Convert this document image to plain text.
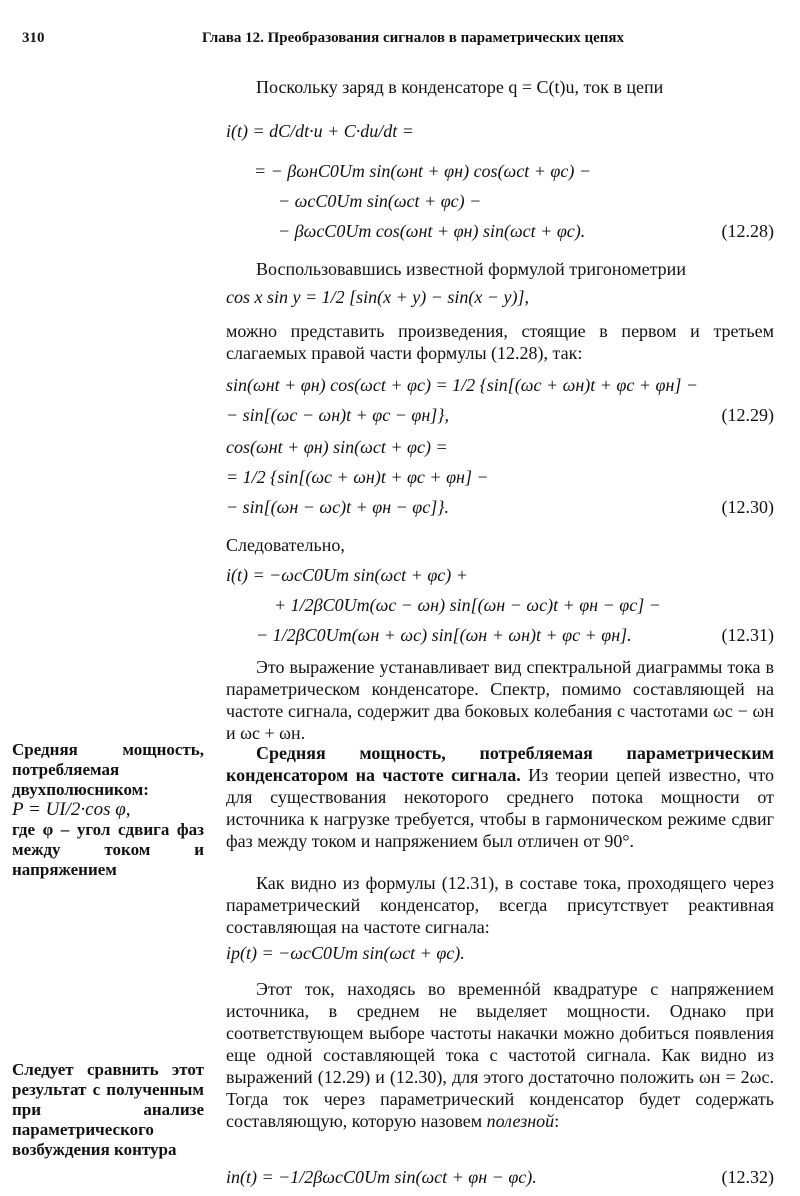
310	Глава 12. Преобразования сигналов в параметрических цепях
Поскольку заряд в конденсаторе q = C(t)u, ток в цепи
i(t) = dC/dt·u + C·du/dt =
= − βωнC0Um sin(ωнt + φн) cos(ωсt + φс) −
− ωсC0Um sin(ωсt + φс) −
− βωсC0Um cos(ωнt + φн) sin(ωсt + φс).	(12.28)
Воспользовавшись известной формулой тригонометрии
cos x sin y = 1/2 [sin(x + y) − sin(x − y)],
можно представить произведения, стоящие в первом и третьем слагаемых правой части формулы (12.28), так:
sin(ωнt + φн) cos(ωсt + φс) = 1/2 {sin[(ωс + ωн)t + φс + φн] −
− sin[(ωс − ωн)t + φс − φн]},	(12.29)
cos(ωнt + φн) sin(ωсt + φс) =
= 1/2 {sin[(ωс + ωн)t + φс + φн] −
− sin[(ωн − ωс)t + φн − φс]}.	(12.30)
Следовательно,
i(t) = −ωсC0Um sin(ωсt + φс) +
+ 1/2βC0Um(ωс − ωн) sin[(ωн − ωс)t + φн − φс] −
− 1/2βC0Um(ωн + ωс) sin[(ωн + ωн)t + φс + φн].	(12.31)
Это выражение устанавливает вид спектральной диаграммы тока в параметрическом конденсаторе. Спектр, помимо составляющей на частоте сигнала, содержит два боковых колебания с частотами ωс − ωн и ωс + ωн.
Средняя мощность, потребляемая параметрическим конденсатором на частоте сигнала. Из теории цепей известно, что для существования некоторого среднего потока мощности от источника к нагрузке требуется, чтобы в гармоническом режиме сдвиг фаз между током и напряжением был отличен от 90°.
Как видно из формулы (12.31), в составе тока, проходящего через параметрический конденсатор, всегда присутствует реактивная составляющая на частоте сигнала:
iр(t) = −ωсC0Um sin(ωсt + φс).
Этот ток, находясь во временнóй квадратуре с напряжением источника, в среднем не выделяет мощности. Однако при соответствующем выборе частоты накачки можно добиться появления еще одной составляющей тока с частотой сигнала. Как видно из выражений (12.29) и (12.30), для этого достаточно положить ωн = 2ωс. Тогда ток через параметрический конденсатор будет содержать составляющую, которую назовем полезной:
iп(t) = −1/2βωсC0Um sin(ωсt + φн − φс).	(12.32)
Средняя мощность, потребляемая двухполюсником:
P = UI/2·cos φ,
где φ – угол сдвига фаз между током и напряжением
Следует сравнить этот результат с полученным при анализе параметрического возбуждения контура
